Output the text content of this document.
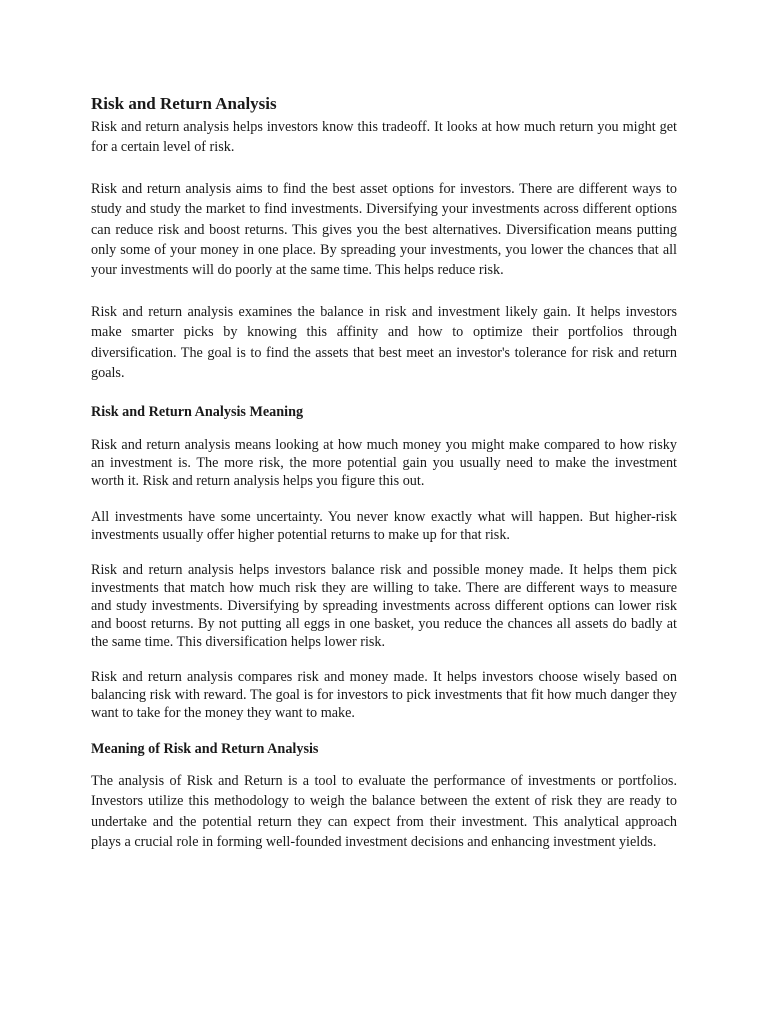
Risk and Return Analysis

Risk and return analysis helps investors know this tradeoff. It looks at how much return you might get for a certain level of risk.

Risk and return analysis aims to find the best asset options for investors. There are different ways to study and study the market to find investments. Diversifying your investments across different options can reduce risk and boost returns. This gives you the best alternatives. Diversification means putting only some of your money in one place. By spreading your investments, you lower the chances that all your investments will do poorly at the same time. This helps reduce risk.

Risk and return analysis examines the balance in risk and investment likely gain. It helps investors make smarter picks by knowing this affinity and how to optimize their portfolios through diversification. The goal is to find the assets that best meet an investor's tolerance for risk and return goals.

Risk and Return Analysis Meaning

Risk and return analysis means looking at how much money you might make compared to how risky an investment is. The more risk, the more potential gain you usually need to make the investment worth it. Risk and return analysis helps you figure this out.

All investments have some uncertainty. You never know exactly what will happen. But higher-risk investments usually offer higher potential returns to make up for that risk.

Risk and return analysis helps investors balance risk and possible money made. It helps them pick investments that match how much risk they are willing to take. There are different ways to measure and study investments. Diversifying by spreading investments across different options can lower risk and boost returns. By not putting all eggs in one basket, you reduce the chances all assets do badly at the same time. This diversification helps lower risk.

Risk and return analysis compares risk and money made. It helps investors choose wisely based on balancing risk with reward. The goal is for investors to pick investments that fit how much danger they want to take for the money they want to make.

Meaning of Risk and Return Analysis

The analysis of Risk and Return is a tool to evaluate the performance of investments or portfolios. Investors utilize this methodology to weigh the balance between the extent of risk they are ready to undertake and the potential return they can expect from their investment. This analytical approach plays a crucial role in forming well-founded investment decisions and enhancing investment yields.
